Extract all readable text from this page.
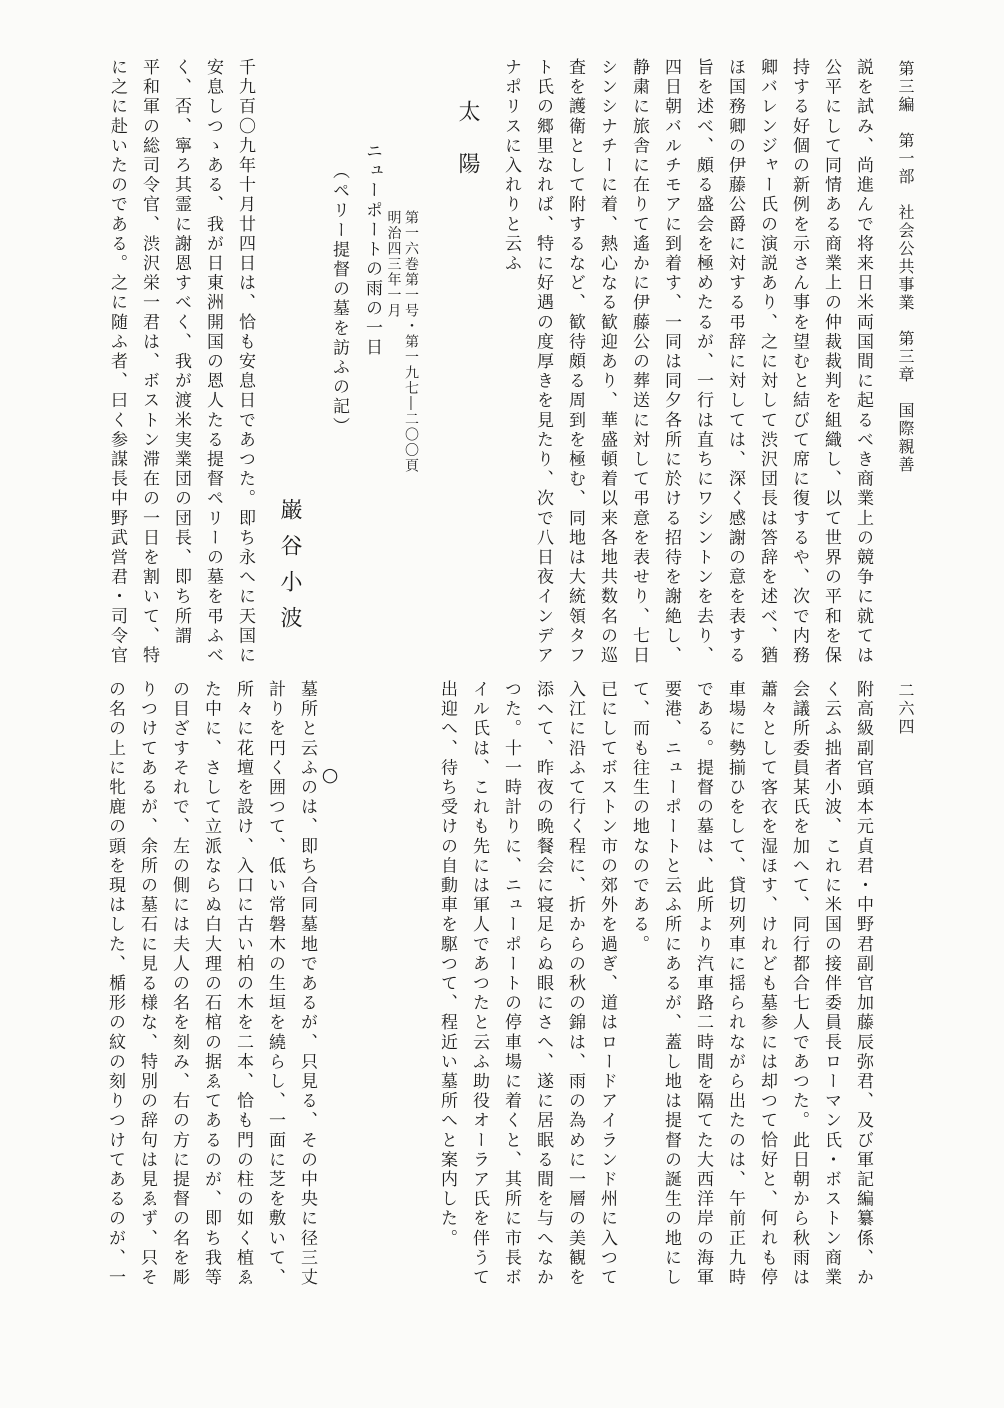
第三編　第一部　社会公共事業　第三章　国際親善
二六四
説を試み、尚進んで将来日米両国間に起るべき商業上の競争に就ては
公平にして同情ある商業上の仲裁裁判を組織し、以て世界の平和を保
持する好個の新例を示さん事を望むと結びて席に復するや、次で内務
卿バレンジャー氏の演説あり、之に対して渋沢団長は答辞を述べ、猶
ほ国務卿の伊藤公爵に対する弔辞に対しては、深く感謝の意を表する
旨を述べ、頗る盛会を極めたるが、一行は直ちにワシントンを去り、
四日朝バルチモアに到着す、一同は同夕各所に於ける招待を謝絶し、
静粛に旅舎に在りて遙かに伊藤公の葬送に対して弔意を表せり、七日
シンシナチーに着、熱心なる歓迎あり、華盛頓着以来各地共数名の巡
査を護衛として附するなど、歓待頗る周到を極む、同地は大統領タフ
ト氏の郷里なれば、特に好遇の度厚きを見たり、次で八日夜インデア
ナポリスに入れりと云ふ
太陽
第一六巻第一号・第一九七―二〇〇頁
明治四三年一月
ニューポートの雨の一日
（ペリー提督の墓を訪ふの記）
巌谷小波
千九百〇九年十月廿四日は、恰も安息日であつた。即ち永へに天国に
安息しつゝある、我が日東洲開国の恩人たる提督ペリーの墓を弔ふべ
く、否、寧ろ其霊に謝恩すべく、我が渡米実業団の団長、即ち所謂
平和軍の総司令官、渋沢栄一君は、ボストン滞在の一日を割いて、特
に之に赴いたのである。之に随ふ者、曰く参謀長中野武営君・司令官
附高級副官頭本元貞君・中野君副官加藤辰弥君、及び軍記編纂係、か
く云ふ拙者小波、これに米国の接伴委員長ローマン氏・ボストン商業
会議所委員某氏を加へて、同行都合七人であつた。此日朝から秋雨は
蕭々として客衣を湿ほす、けれども墓参には却つて恰好と、何れも停
車場に勢揃ひをして、貸切列車に揺られながら出たのは、午前正九時
である。提督の墓は、此所より汽車路二時間を隔てた大西洋岸の海軍
要港、ニューポートと云ふ所にあるが、蓋し地は提督の誕生の地にし
て、而も往生の地なのである。
已にしてボストン市の郊外を過ぎ、道はロードアイランド州に入つて
入江に沿ふて行く程に、折からの秋の錦は、雨の為めに一層の美観を
添へて、昨夜の晩餐会に寝足らぬ眼にさへ、遂に居眠る間を与へなか
つた。十一時計りに、ニューポートの停車場に着くと、其所に市長ボ
イル氏は、これも先には軍人であつたと云ふ助役オーラア氏を伴うて
出迎へ、待ち受けの自動車を駆つて、程近い墓所へと案内した。
○
墓所と云ふのは、即ち合同墓地であるが、只見る、その中央に径三丈
計りを円く囲つて、低い常磐木の生垣を繞らし、一面に芝を敷いて、
所々に花壇を設け、入口に古い柏の木を二本、恰も門の柱の如く植ゑ
た中に、さして立派ならぬ白大理の石棺の据ゑてあるのが、即ち我等
の目ざすそれで、左の側には夫人の名を刻み、右の方に提督の名を彫
りつけてあるが、余所の墓石に見る様な、特別の辞句は見ゑず、只そ
の名の上に牝鹿の頭を現はした、楯形の紋の刻りつけてあるのが、一
